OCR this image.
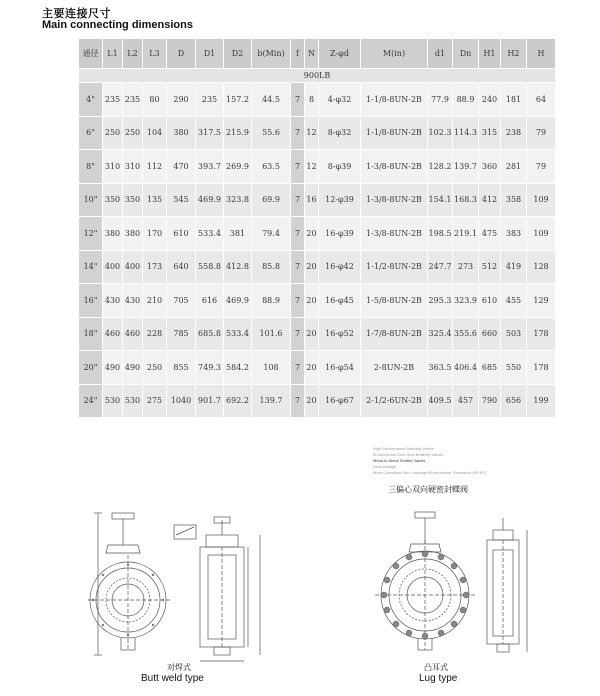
主要连接尺寸
Main connecting dimensions
通径	L1	L2	L3	D	D1	D2	b(Min)	f	N	Z-φd	M(in)	d1	Dn	H1	H2	H
900LB																
4"	235	235	80	290	235	157.2	44.5	7	8	4-φ32	1-1/8-8UN-2B	77.9	88.9	240	181	64
6"	250	250	104	380	317.5	215.9	55.6	7	12	8-φ32	1-1/8-8UN-2B	102.3	114.3	315	238	79
8"	310	310	112	470	393.7	269.9	63.5	7	12	8-φ39	1-3/8-8UN-2B	128.2	139.7	360	281	79
10"	350	350	135	545	469.9	323.8	69.9	7	16	12-φ39	1-3/8-8UN-2B	154.1	168.3	412	358	109
12"	380	380	170	610	533.4	381	79.4	7	20	16-φ39	1-3/8-8UN-2B	198.5	219.1	475	383	109
14"	400	400	173	640	558.8	412.8	85.8	7	20	16-φ42	1-1/2-8UN-2B	247.7	273	512	419	128
16"	430	430	210	705	616	469.9	88.9	7	20	16-φ45	1-5/8-8UN-2B	295.3	323.9	610	455	129
18"	460	460	228	785	685.8	533.4	101.6	7	20	16-φ52	1-7/8-8UN-2B	325.4	355.6	660	503	178
20"	490	490	250	855	749.3	584.2	108	7	20	16-φ54	2-8UN-2B	363.5	406.4	685	550	178
24"	530	530	275	1040	901.7	692.2	139.7	7	20	16-φ67	2-1/2-6UN-2B	409.5	457	790	656	199
High Performance Butterfly Valves
Bi-directional Zero Seal Butterfly Valves
Metal-to-Metal Seated Valves
Zero leakage
More Compliant Zero Leakage Bi-directional Threads to API 607
三偏心双向硬密封蝶阀
对焊式
Butt weld type
凸耳式
Lug type
